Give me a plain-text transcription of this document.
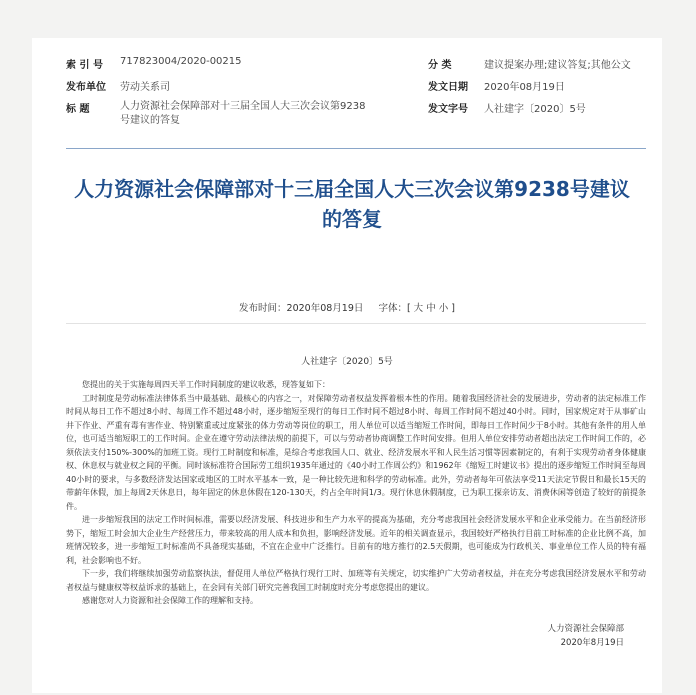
索 引 号 717823004/2020-00215	分 类	建议提案办理;建议答复;其他公文
发布单位 劳动关系司	发文日期 2020年08月19日
标 题	人力资源社会保障部对十三届全国人大三次会议第9238号建议的答复
发文字号 人社建字〔2020〕5号
人力资源社会保障部对十三届全国人大三次会议第9238号建议的答复
发布时间：2020年08月19日 字体：[ 大 中 小 ]
人社建字〔2020〕5号

您提出的关于实施每周四天半工作时间制度的建议收悉，现答复如下：

工时制度是劳动标准法律体系当中最基础、最核心的内容之一，对保障劳动者权益发挥着根本性的作用。随着我国经济社会的发展进步，劳动者的法定标准工作时间从每日工作不超过8小时、每周工作不超过48小时，逐步缩短至现行的每日工作时间不超过8小时、每周工作时间不超过40小时。同时，国家规定对于从事矿山井下作业、严重有毒有害作业、特别繁重或过度紧张的体力劳动等岗位的职工，用人单位可以适当缩短工作时间，即每日工作时间少于8小时。其他有条件的用人单位，也可适当缩短职工的工作时间。企业在遵守劳动法律法规的前提下，可以与劳动者协商调整工作时间安排。但用人单位安排劳动者超出法定工作时间工作的，必须依法支付150%-300%的加班工资。现行工时制度和标准，是综合考虑我国人口、就业、经济发展水平和人民生活习惯等因素制定的，有利于实现劳动者身体健康权、休息权与就业权之间的平衡。同时该标准符合国际劳工组织1935年通过的《40小时工作周公约》和1962年《缩短工时建议书》提出的逐步缩短工作时间至每周40小时的要求，与多数经济发达国家或地区的工时水平基本一致，是一种比较先进和科学的劳动标准。此外，劳动者每年可依法享受11天法定节假日和最长15天的带薪年休假，加上每周2天休息日，每年固定的休息休假在120-130天，约占全年时间1/3。现行休息休假制度，已为职工探亲访友、消费休闲等创造了较好的前提条件。

进一步缩短我国的法定工作时间标准，需要以经济发展、科技进步和生产力水平的提高为基础，充分考虑我国社会经济发展水平和企业承受能力。在当前经济形势下，缩短工时会加大企业生产经营压力，带来较高的用人成本和负担，影响经济发展。近年的相关调查显示，我国较好严格执行目前工时标准的企业比例不高，加班情况较多，进一步缩短工时标准尚不具备现实基础，不宜在企业中广泛推行。目前有的地方推行的2.5天假期，也可能成为行政机关、事业单位工作人员的特有福利，社会影响也不好。

下一步，我们将继续加强劳动监察执法，督促用人单位严格执行现行工时、加班等有关规定，切实维护广大劳动者权益，并在充分考虑我国经济发展水平和劳动者权益与健康权等权益诉求的基础上，在会同有关部门研究完善我国工时制度时充分考虑您提出的建议。

感谢您对人力资源和社会保障工作的理解和支持。

人力资源社会保障部
2020年8月19日
